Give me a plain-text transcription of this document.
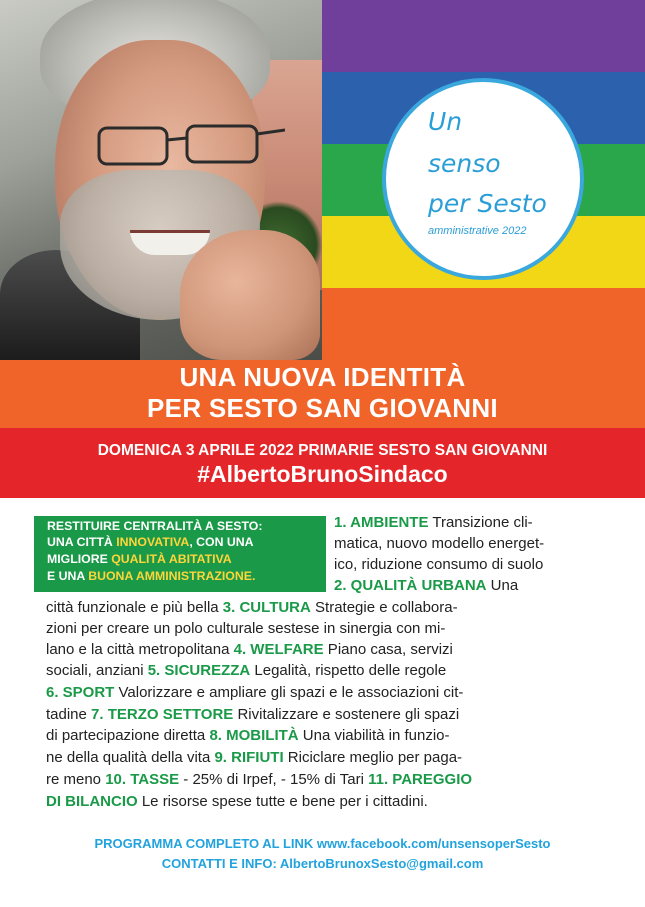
Un
senso
per Sesto
amministrative 2022
UNA NUOVA IDENTITÀ
PER SESTO SAN GIOVANNI
DOMENICA 3 APRILE 2022 PRIMARIE SESTO SAN GIOVANNI
#AlbertoBrunoSindaco
RESTITUIRE CENTRALITÀ A SESTO:
UNA CITTÀ INNOVATIVA, CON UNA
MIGLIORE QUALITÀ ABITATIVA
E UNA BUONA AMMINISTRAZIONE.
1. AMBIENTE Transizione cli-
matica, nuovo modello energet-
ico, riduzione consumo di suolo
2. QUALITÀ URBANA Una
città funzionale e più bella 3. CULTURA Strategie e collabora-
zioni per creare un polo culturale sestese in sinergia con mi-
lano e la città metropolitana 4. WELFARE Piano casa, servizi
sociali, anziani 5. SICUREZZA Legalità, rispetto delle regole
6. SPORT Valorizzare e ampliare gli spazi e le associazioni cit-
tadine 7. TERZO SETTORE Rivitalizzare e sostenere gli spazi
di partecipazione diretta 8. MOBILITÀ Una viabilità in funzio-
ne della qualità della vita 9. RIFIUTI Riciclare meglio per paga-
re meno 10. TASSE - 25% di Irpef, - 15% di Tari 11. PAREGGIO
DI BILANCIO Le risorse spese tutte e bene per i cittadini.
PROGRAMMA COMPLETO AL LINK www.facebook.com/unsensoperSesto
CONTATTI E INFO: AlbertoBrunoxSesto@gmail.com
